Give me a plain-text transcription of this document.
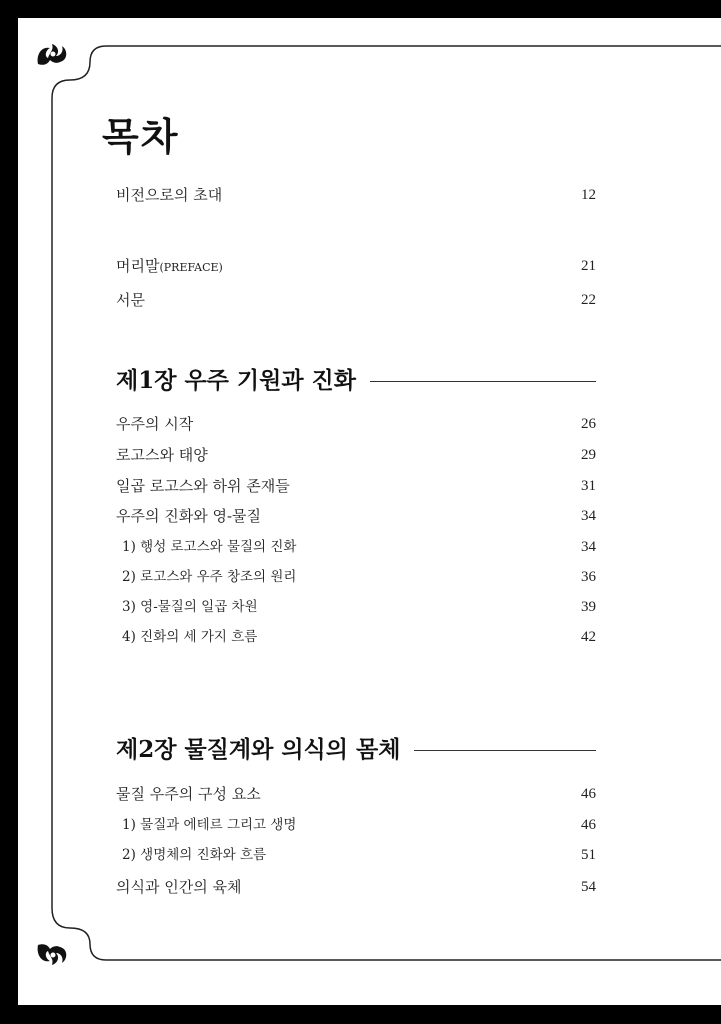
목차
비전으로의 초대	12
머리말(PREFACE)	21
서문	22
제1장 우주 기원과 진화
우주의 시작	26
로고스와 태양	29
일곱 로고스와 하위 존재들	31
우주의 진화와 영-물질	34
1) 행성 로고스와 물질의 진화	34
2) 로고스와 우주 창조의 원리	36
3) 영-물질의 일곱 차원	39
4) 진화의 세 가지 흐름	42
제2장 물질계와 의식의 몸체
물질 우주의 구성 요소	46
1) 물질과 에테르 그리고 생명	46
2) 생명체의 진화와 흐름	51
의식과 인간의 육체	54
